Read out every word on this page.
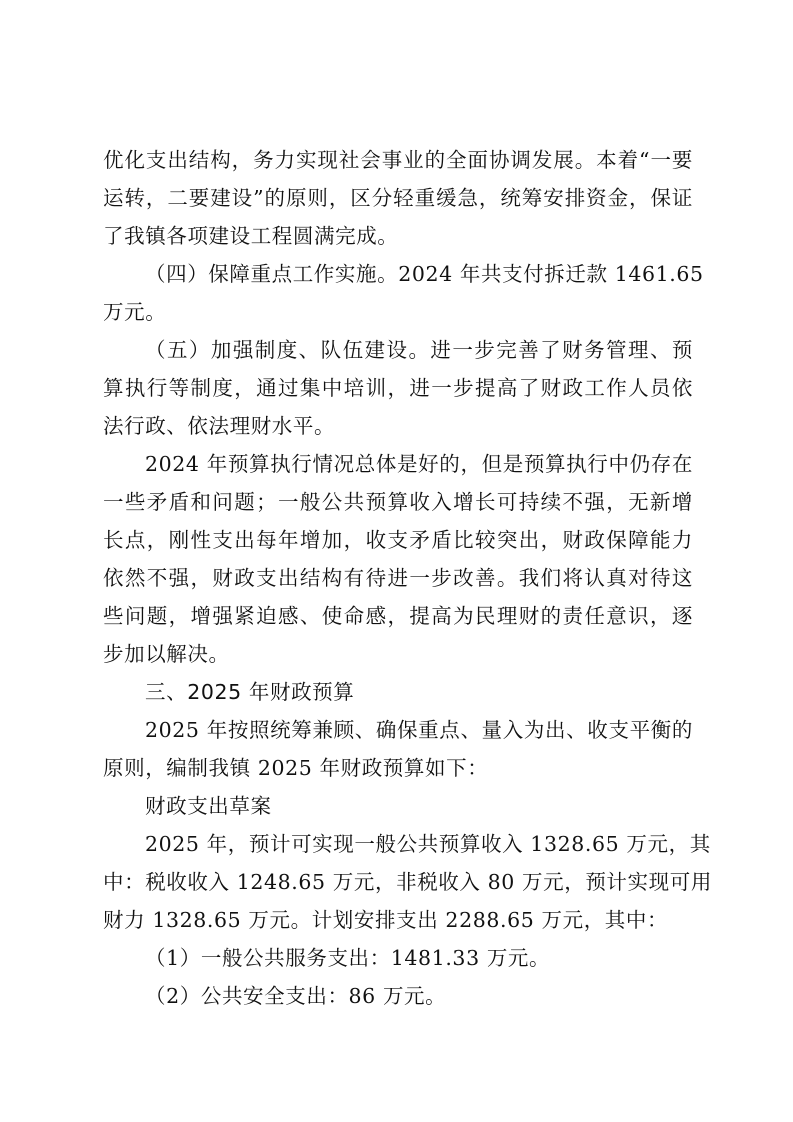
优化支出结构，务力实现社会事业的全面协调发展。本着“一要
运转，二要建设”的原则，区分轻重缓急，统筹安排资金，保证
了我镇各项建设工程圆满完成。
（四）保障重点工作实施。2024 年共支付拆迁款 1461.65
万元。
（五）加强制度、队伍建设。进一步完善了财务管理、预
算执行等制度，通过集中培训，进一步提高了财政工作人员依
法行政、依法理财水平。
2024 年预算执行情况总体是好的，但是预算执行中仍存在
一些矛盾和问题；一般公共预算收入增长可持续不强，无新增
长点，刚性支出每年增加，收支矛盾比较突出，财政保障能力
依然不强，财政支出结构有待进一步改善。我们将认真对待这
些问题，增强紧迫感、使命感，提高为民理财的责任意识，逐
步加以解决。
三、2025 年财政预算
2025 年按照统筹兼顾、确保重点、量入为出、收支平衡的
原则，编制我镇 2025 年财政预算如下：
财政支出草案
2025 年，预计可实现一般公共预算收入 1328.65 万元，其
中：税收收入 1248.65 万元，非税收入 80 万元，预计实现可用
财力 1328.65 万元。计划安排支出 2288.65 万元，其中：
（1）一般公共服务支出：1481.33 万元。
（2）公共安全支出：86 万元。
